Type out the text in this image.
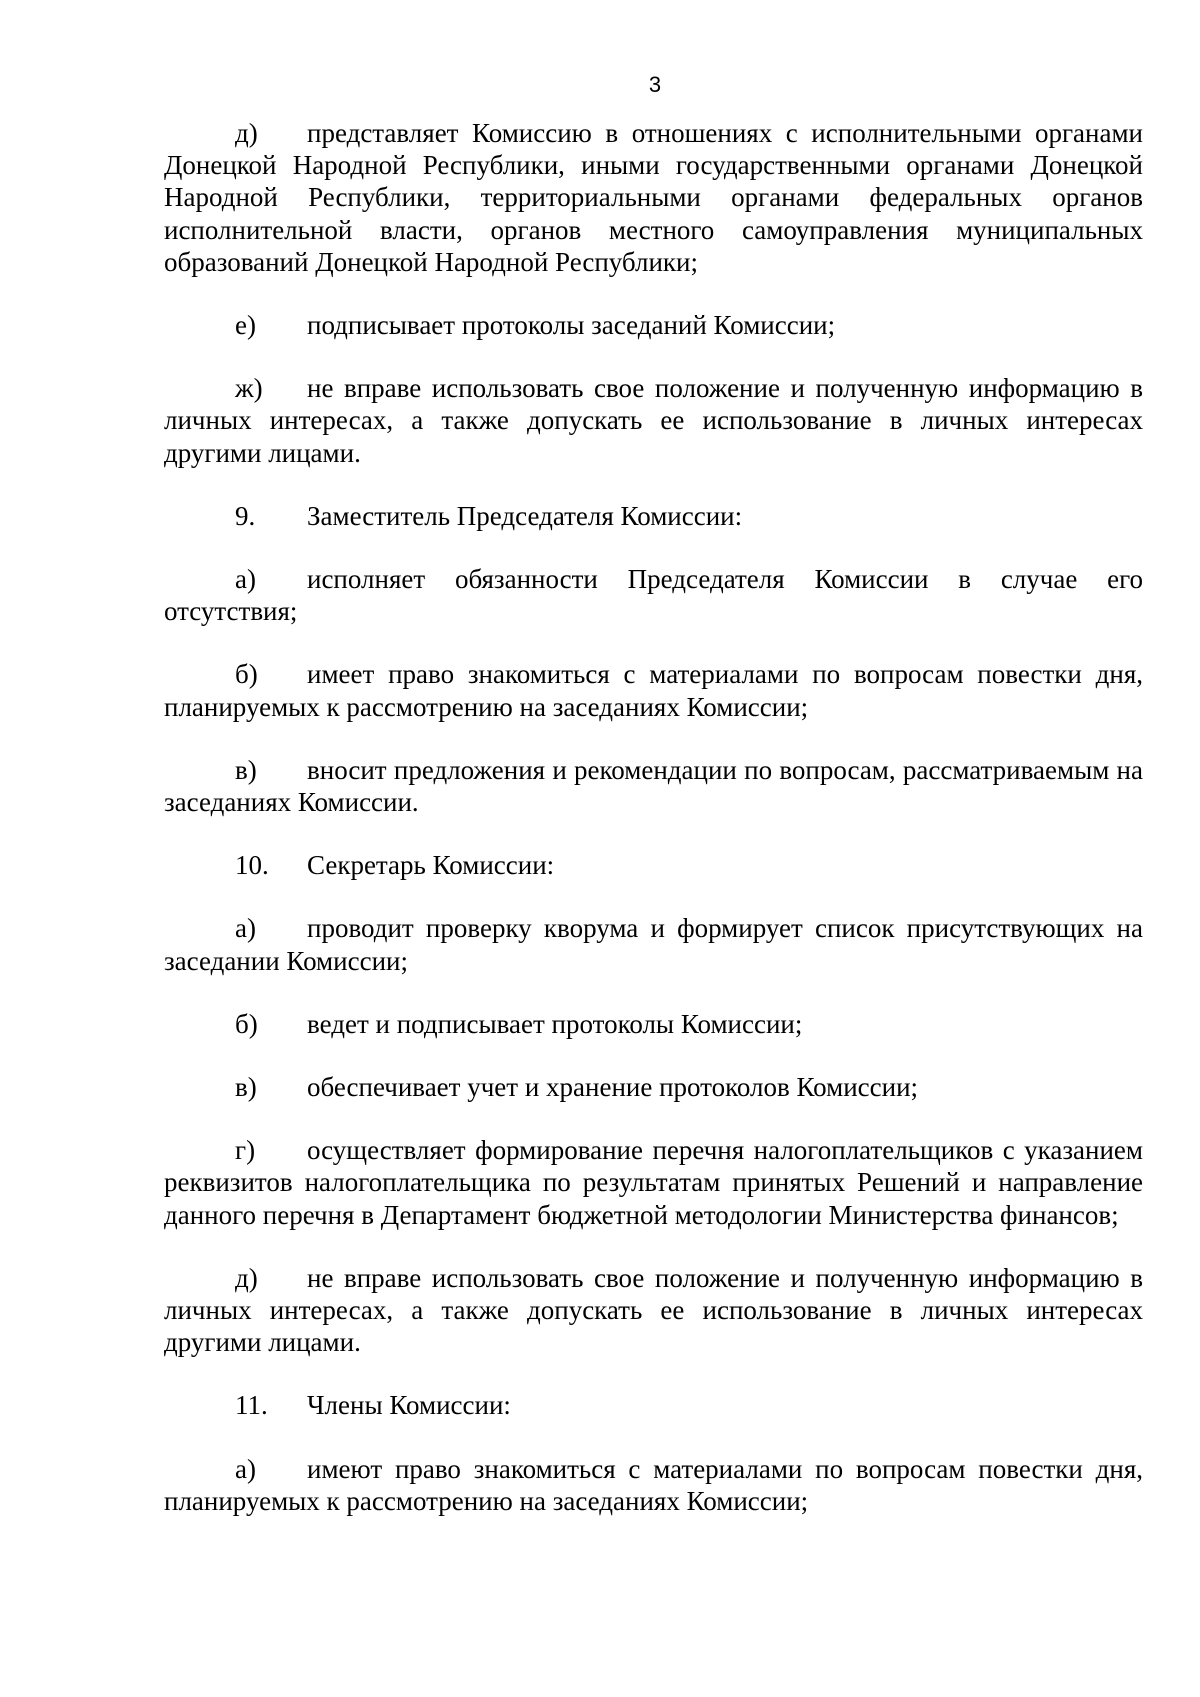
3

д) представляет Комиссию в отношениях с исполнительными органами Донецкой Народной Республики, иными государственными органами Донецкой Народной Республики, территориальными органами федеральных органов исполнительной власти, органов местного самоуправления муниципальных образований Донецкой Народной Республики;

е) подписывает протоколы заседаний Комиссии;

ж) не вправе использовать свое положение и полученную информацию в личных интересах, а также допускать ее использование в личных интересах другими лицами.

9. Заместитель Председателя Комиссии:

а) исполняет обязанности Председателя Комиссии в случае его отсутствия;

б) имеет право знакомиться с материалами по вопросам повестки дня, планируемых к рассмотрению на заседаниях Комиссии;

в) вносит предложения и рекомендации по вопросам, рассматриваемым на заседаниях Комиссии.

10. Секретарь Комиссии:

а) проводит проверку кворума и формирует список присутствующих на заседании Комиссии;

б) ведет и подписывает протоколы Комиссии;

в) обеспечивает учет и хранение протоколов Комиссии;

г) осуществляет формирование перечня налогоплательщиков с указанием реквизитов налогоплательщика по результатам принятых Решений и направление данного перечня в Департамент бюджетной методологии Министерства финансов;

д) не вправе использовать свое положение и полученную информацию в личных интересах, а также допускать ее использование в личных интересах другими лицами.

11. Члены Комиссии:

а) имеют право знакомиться с материалами по вопросам повестки дня, планируемых к рассмотрению на заседаниях Комиссии;
